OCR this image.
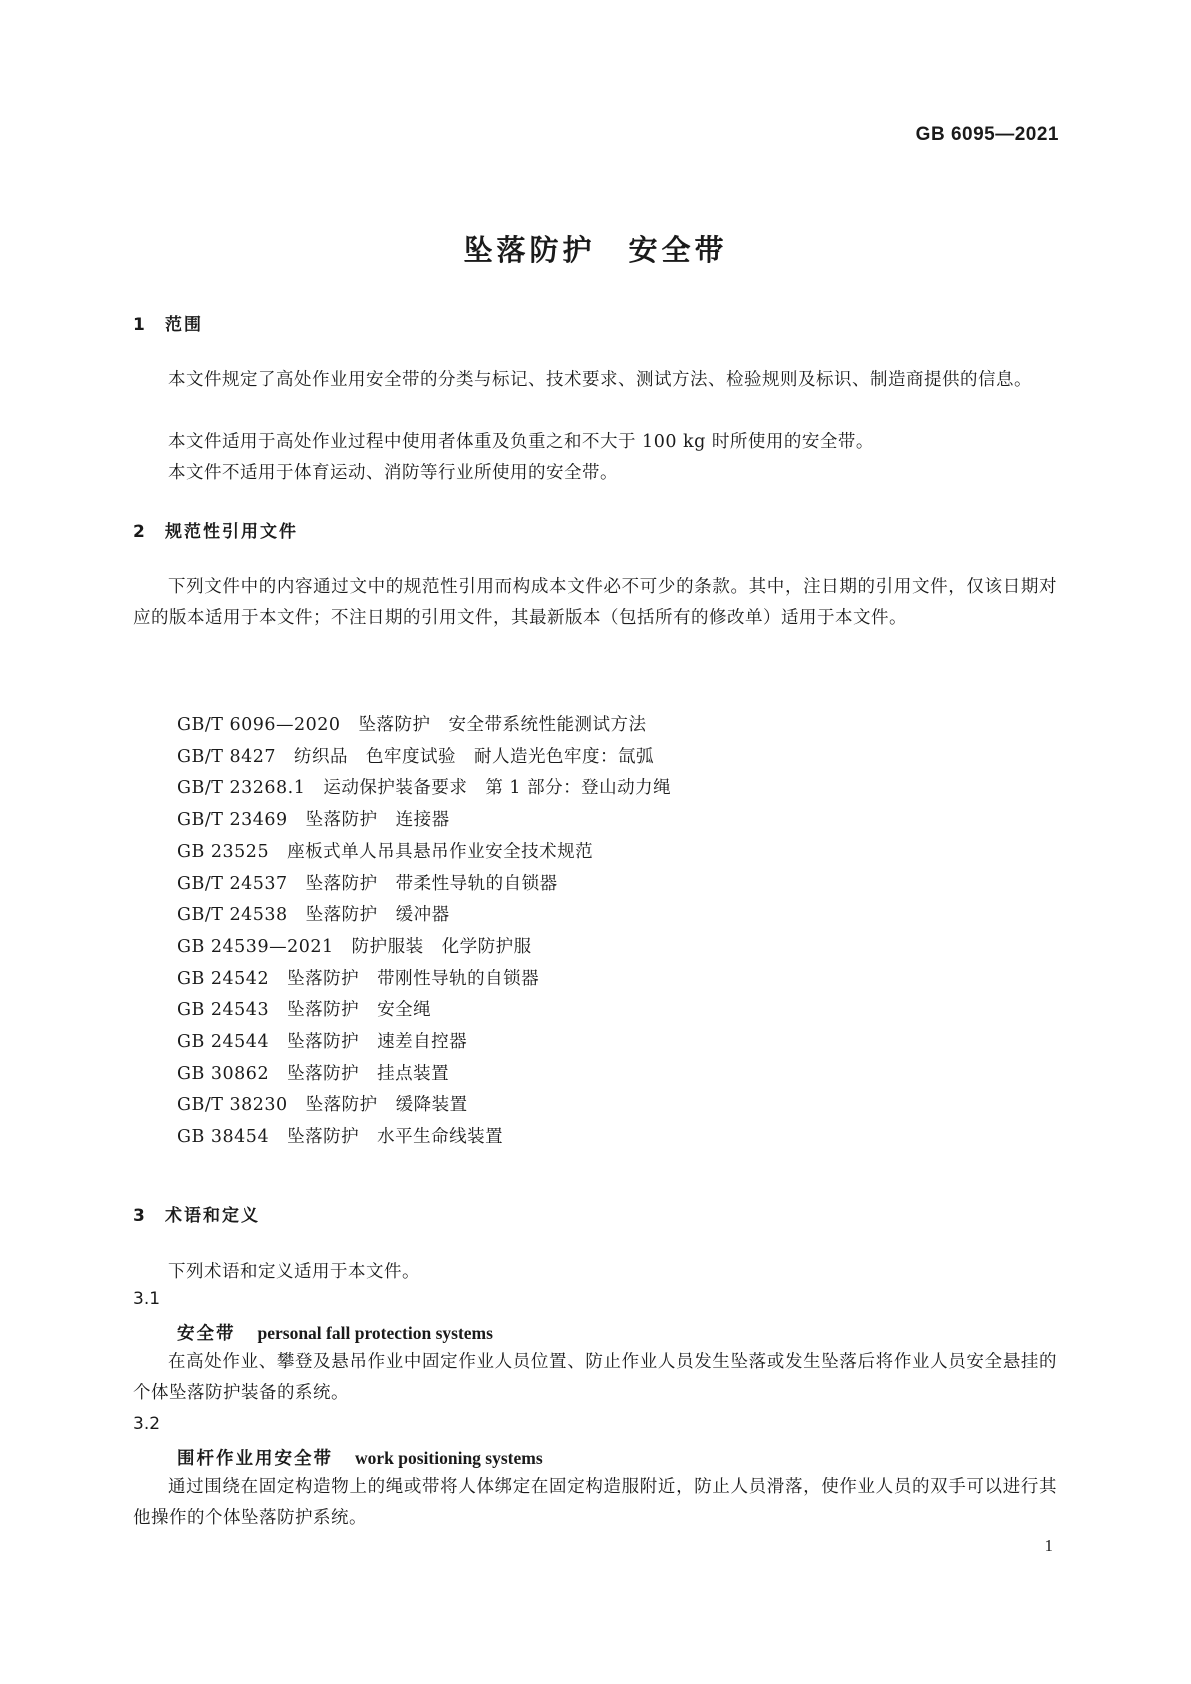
GB 6095—2021
坠落防护　安全带
1 范围

本文件规定了高处作业用安全带的分类与标记、技术要求、测试方法、检验规则及标识、制造商提供的信息。

本文件适用于高处作业过程中使用者体重及负重之和不大于 100 kg 时所使用的安全带。

本文件不适用于体育运动、消防等行业所使用的安全带。

2 规范性引用文件

下列文件中的内容通过文中的规范性引用而构成本文件必不可少的条款。其中，注日期的引用文件，仅该日期对应的版本适用于本文件；不注日期的引用文件，其最新版本（包括所有的修改单）适用于本文件。

GB/T 6096—2020　坠落防护　安全带系统性能测试方法
GB/T 8427　纺织品　色牢度试验　耐人造光色牢度：氙弧
GB/T 23268.1　运动保护装备要求　第 1 部分：登山动力绳
GB/T 23469　坠落防护　连接器
GB 23525　座板式单人吊具悬吊作业安全技术规范
GB/T 24537　坠落防护　带柔性导轨的自锁器
GB/T 24538　坠落防护　缓冲器
GB 24539—2021　防护服装　化学防护服
GB 24542　坠落防护　带刚性导轨的自锁器
GB 24543　坠落防护　安全绳
GB 24544　坠落防护　速差自控器
GB 30862　坠落防护　挂点装置
GB/T 38230　坠落防护　缓降装置
GB 38454　坠落防护　水平生命线装置
3 术语和定义

下列术语和定义适用于本文件。

3.1

安全带 personal fall protection systems

在高处作业、攀登及悬吊作业中固定作业人员位置、防止作业人员发生坠落或发生坠落后将作业人员安全悬挂的个体坠落防护装备的系统。

3.2

围杆作业用安全带 work positioning systems

通过围绕在固定构造物上的绳或带将人体绑定在固定构造服附近，防止人员滑落，使作业人员的双手可以进行其他操作的个体坠落防护系统。

1
